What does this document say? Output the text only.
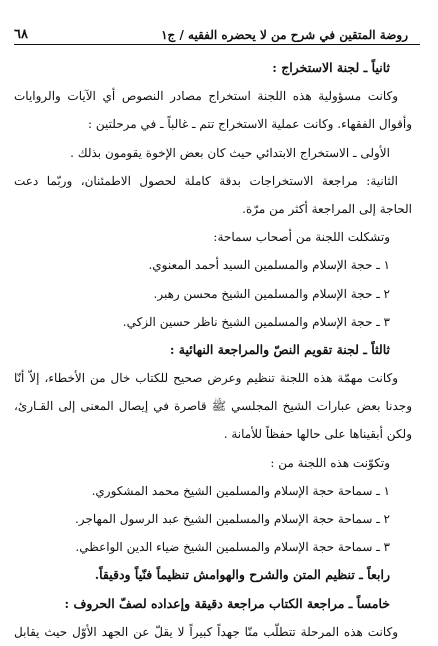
روضة المتقين في شرح من لا يحضره الفقيه / ج١
٦٨
ثانياً ـ لجنة الاستخراج :
وكانت مسؤولية هذه اللجنة استخراج مصادر النصوص أي الآيات والروايات
وأقوال الفقهاء. وكانت عملية الاستخراج تتم ـ غالباً ـ في مرحلتين :
الأولى ـ الاستخراج الابتدائي حيث كان بعض الإخوة يقومون بذلك .
الثانية: مراجعة الاستخراجات بدقة كاملة لحصول الاطمئنان، وربّما دعت
الحاجة إلى المراجعة أكثر من مرّة.
وتشكلت اللجنة من أصحاب سماحة:
١ ـ حجة الإسلام والمسلمين السيد أحمد المعنوي.
٢ ـ حجة الإسلام والمسلمين الشيخ محسن رهبر.
٣ ـ حجة الإسلام والمسلمين الشيخ ناظر حسين الزكي.
ثالثاً ـ لجنة تقويم النصّ والمراجعة النهائية :
وكانت مهمّة هذه اللجنة تنظيم وعرض صحيح للكتاب خال من الأخطاء، إلاّ أنّا
وجدنا بعض عبارات الشيخ المجلسي ﷺ قاصرة في إيصال المعنى إلى القـارئ،
ولكن أبقيناها على حالها حفظاً للأمانة .
وتكوّنت هذه اللجنة من :
١ ـ سماحة حجة الإسلام والمسلمين الشيخ محمد المشكوري.
٢ ـ سماحة حجة الإسلام والمسلمين الشيخ عبد الرسول المهاجر.
٣ ـ سماحة حجة الإسلام والمسلمين الشيخ ضياء الدين الواعظي.
رابعاً ـ تنظيم المتن والشرح والهوامش تنظيماً فنّياً ودقيقاً.
خامساً ـ مراجعة الكتاب مراجعة دقيقة وإعداده لصفّ الحروف :
وكانت هذه المرحلة تتطلّب منّا جهداً كبيراً لا يقلّ عن الجهد الأوّل حيث يقابل
